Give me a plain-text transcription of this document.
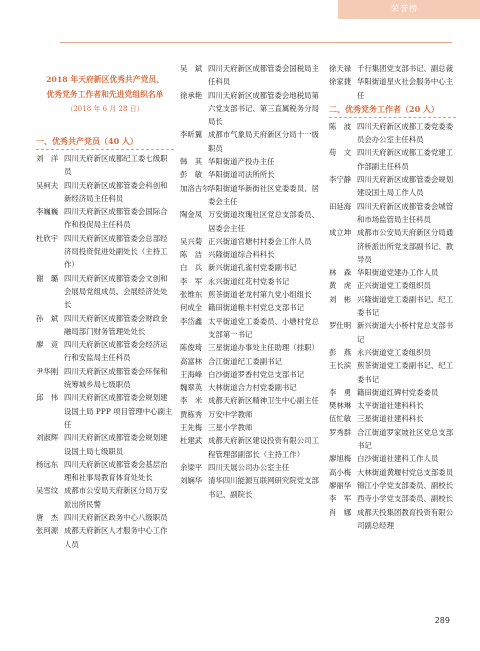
荣誉榜
2018 年天府新区优秀共产党员、
优秀党务工作者和先进党组织名单
（2018 年 6 月 28 日）
一、优秀共产党员（40 人）
刘　洋 四川天府新区成都纪工委七级职员
吴柯夫 四川天府新区成都管委会科创和新经济局主任科员
李巍巍 四川天府新区成都管委会国际合作和投促局主任科员
杜欣宇 四川天府新区成都管委会总部经济局投资促进处副处长（主持工作）
谢　璐 四川天府新区成都管委会文创和会展局党组成员、会展经济处处长
孙　斌 四川天府新区成都管委会财政金融局部门财务管理处处长
廖　竞 四川天府新区成都管委会经济运行和安监局主任科员
尹华刚 四川天府新区成都管委会环保和统筹城乡局七级职员
邱　伟 四川天府新区成都管委会规划建设国土局 PPP 项目管理中心副主任
刘淑辉 四川天府新区成都管委会规划建设国土局七级职员
杨远东 四川天府新区成都管委会基层治理和社事局教育体育处处长
吴雪纹 成都市公安局天府新区分局万安派出所民警
唐　杰 四川天府新区政务中心八级职员
张珂源 成都天府新区人才服务中心工作人员
吴　斌 四川天府新区成都管委会国税局主任科员
徐承艳 四川天府新区成都管委会地税局第六党支部书记、第三直属税务分局局长
李昕翼 成都市气象局天府新区分局十一级职员
韩　其 华阳街道产投办主任
彭　敏 华阳街道司法所所长
加洛古尔
华阳街道华新街社区党委委员、居委会主任
陶金凤 万安街道玫瑰社区党总支部委员、居委会主任
吴兴菊 正兴街道官塘村村委会工作人员
陈　洁 兴隆街道综合科科长
白　兵 新兴街道孔雀村党委副书记
李　军 永兴街道红花村党委书记
张维东 煎茶街道老龙村第九党小组组长
何成全 籍田街道粮丰村党总支部书记
李岱鑫 太平街道党工委委员、小塘村党总支部第一书记
陈俊琦 三星街道办事处主任助理（挂职）
高富林 合江街道纪工委副书记
王海峰 白沙街道罗香村党总支部书记
魏翠英 大林街道合力村党委副书记
李　米 成都天府新区精神卫生中心副主任
贾栋秀 万安中学教师
王先梅 三星小学教师
杜建武 成都天府新区建设投资有限公司工程管理部副部长（主持工作）
余梁平 四川天展公司办公室主任
刘娴华 清华四川能源互联网研究院党支部书记、副院长
徐天禄 千行集团党支部书记、副总裁
徐家捷 华阳街道星火社会服务中心主任
二、优秀党务工作者（20 人）
陈　波 四川天府新区成都工委党委委员会办公室主任科员
苟　文 四川天府新区成都工委党建工作部副主任科员
李宁静 四川天府新区成都管委会规划建设国土局工作人员
田延海 四川天府新区成都管委会城管和市场监管局主任科员
成立坤 成都市公安局天府新区分局通济桥派出所党支部副书记、教导员
林　森 华阳街道党建办工作人员
黄　虎 正兴街道党工委组织员
刘　彬 兴隆街道党工委副书记、纪工委书记
罗仕明 新兴街道大小桥村党总支部书记
彭　燕 永兴街道党工委组织员
王长滨 煎茶街道党工委副书记、纪工委书记
李　勇 籍田街道红碑村党委委员
樊林琳 太平街道社建科科长
伍忙敏 三星街道社建科科长
罗秀群 合江街道罗家坡社区党总支部书记
廖旭梅 白沙街道社建科工作人员
高小梅 大林街道黄堰村党总支部委员
廖丽华 锦江小学党支部委员、副校长
李　军 西寺小学党支部委员、副校长
肖　娜 成都天投集团教育投资有限公司副总经理
289
